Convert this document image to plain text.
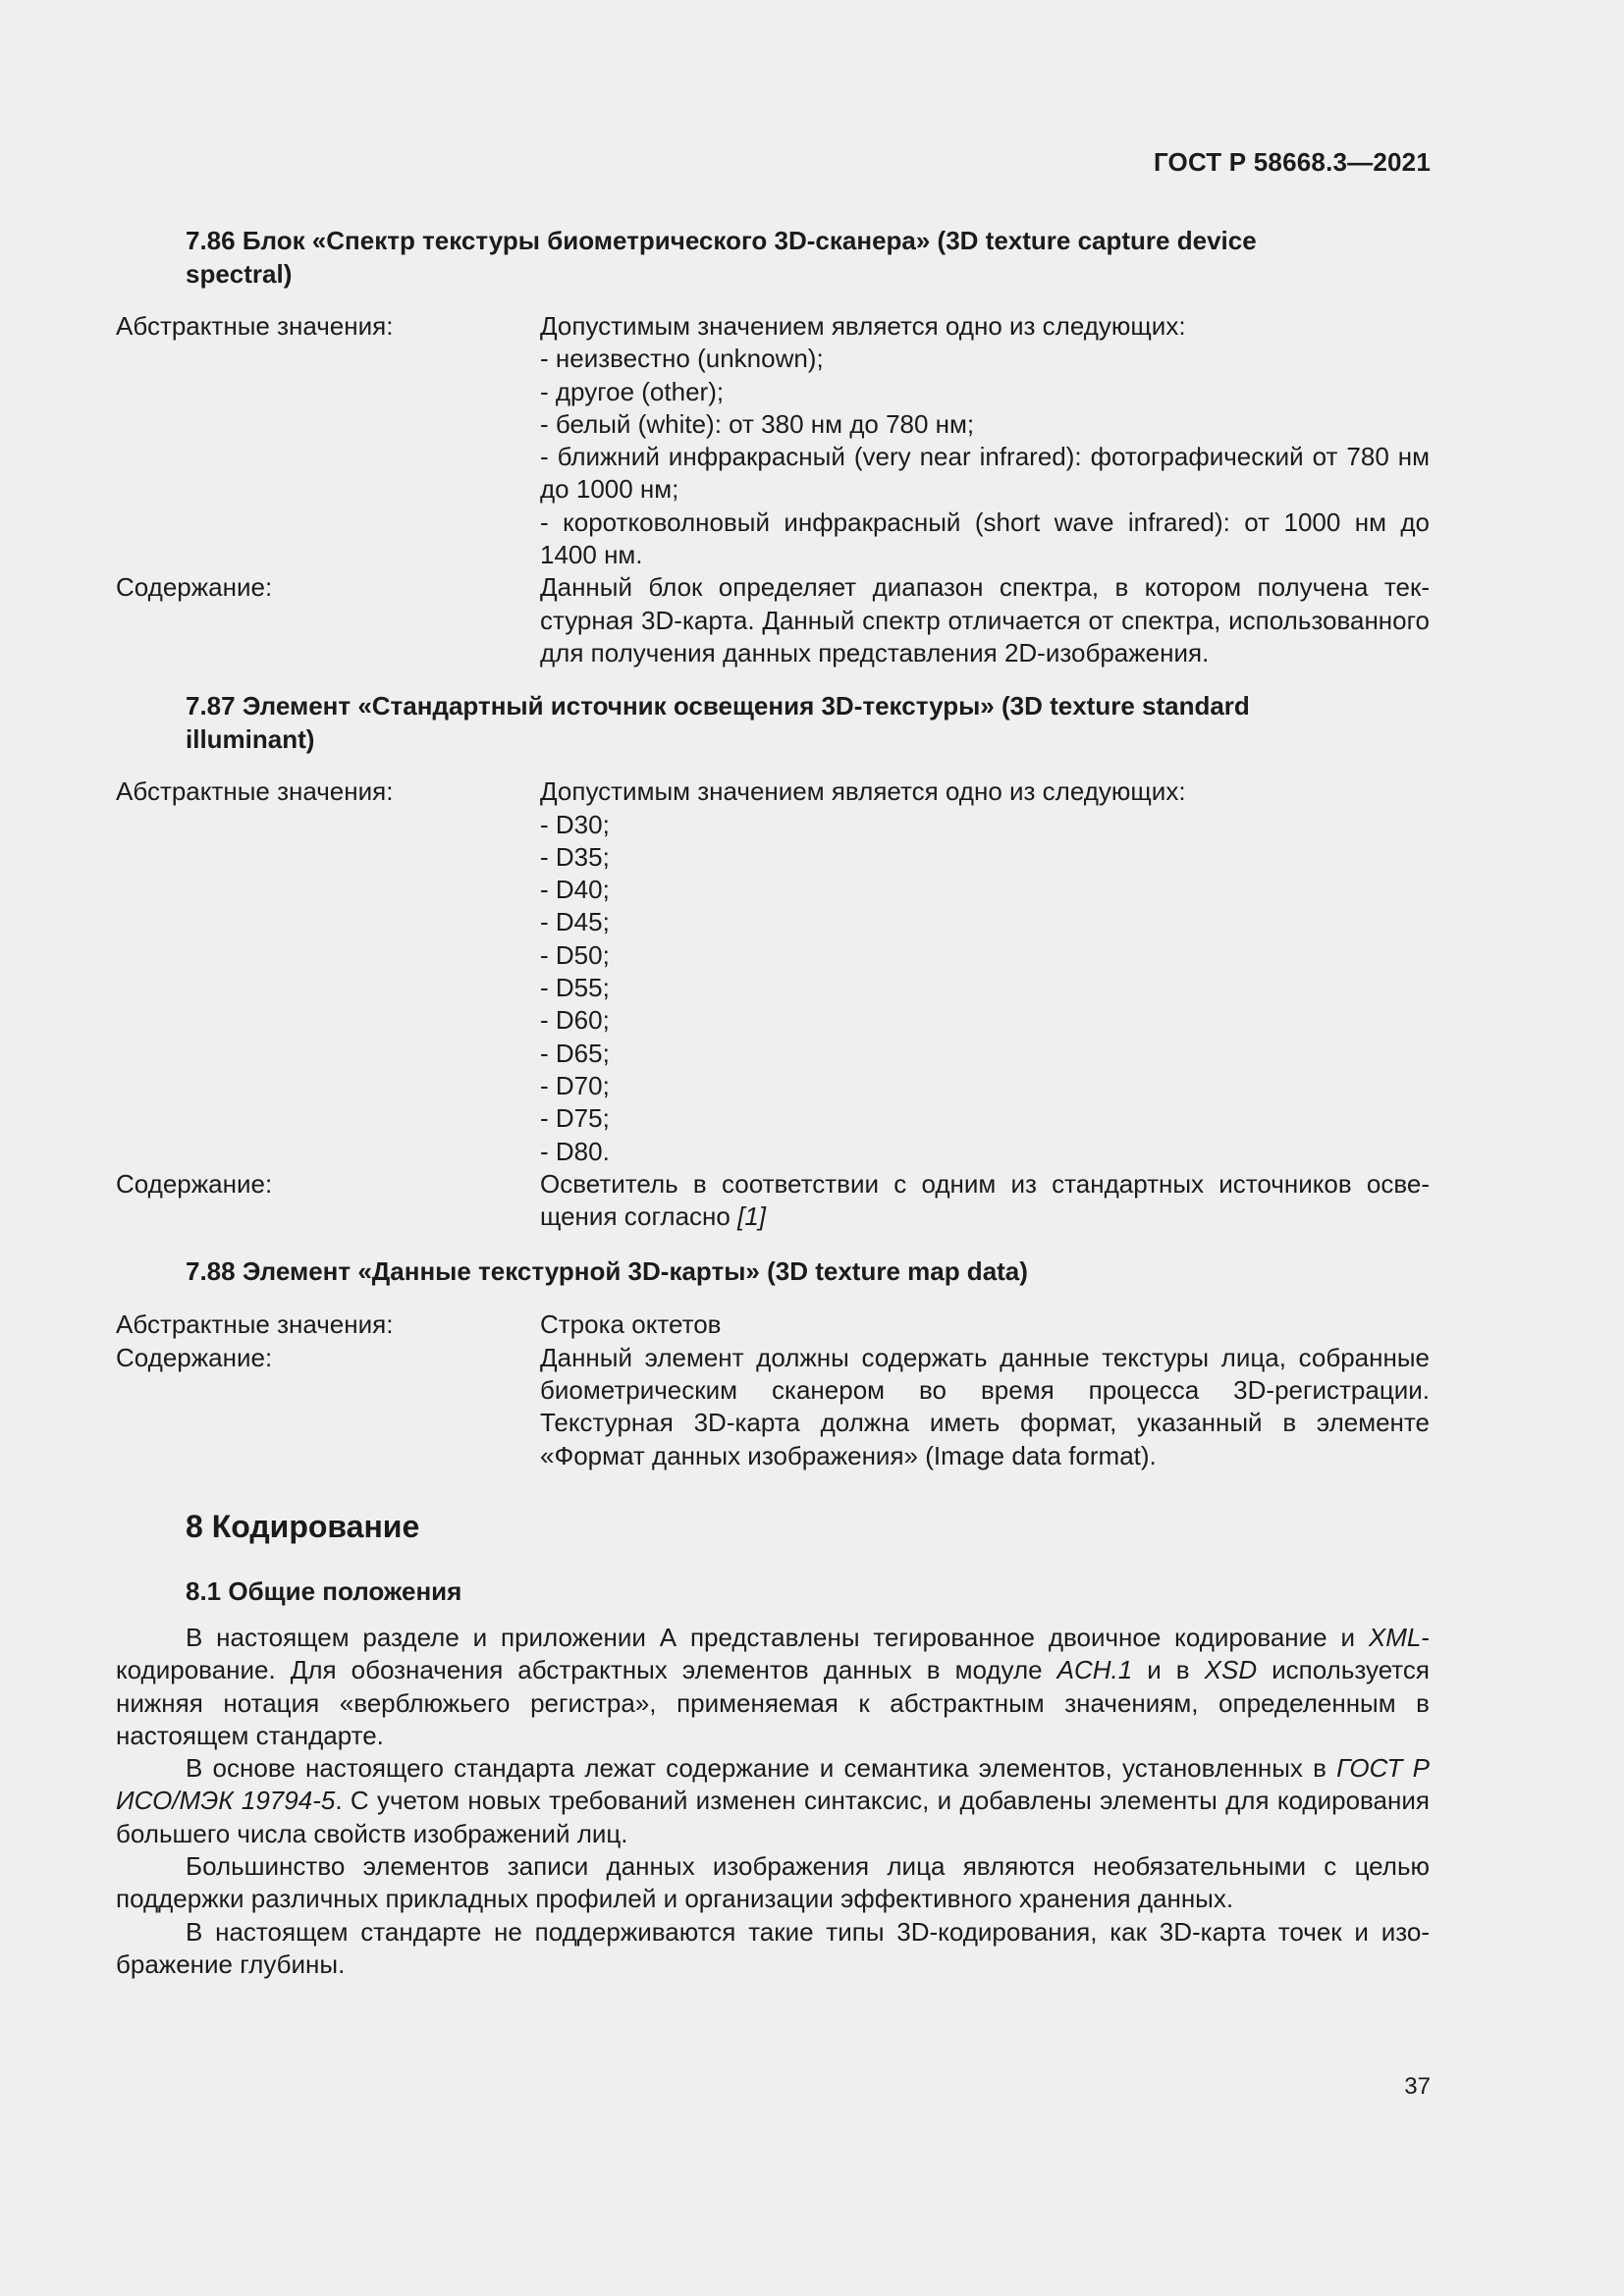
ГОСТ Р 58668.3—2021
7.86 Блок «Спектр текстуры биометрического 3D-сканера» (3D texture capture device spectral)
Абстрактные значения:	Допустимым значением является одно из следующих:
- неизвестно (unknown);
- другое (other);
- белый (white): от 380 нм до 780 нм;
- ближний инфракрасный (very near infrared): фотографический от 780 нм до 1000 нм;
- коротковолновый инфракрасный (short wave infrared): от 1000 нм до 1400 нм.
Содержание:	Данный блок определяет диапазон спектра, в котором получена текстурная 3D-карта. Данный спектр отличается от спектра, использованного для получения данных представления 2D-изображения.
7.87 Элемент «Стандартный источник освещения 3D-текстуры» (3D texture standard illuminant)
Абстрактные значения:	Допустимым значением является одно из следующих:
- D30;
- D35;
- D40;
- D45;
- D50;
- D55;
- D60;
- D65;
- D70;
- D75;
- D80.
Содержание:	Осветитель в соответствии с одним из стандартных источников освещения согласно [1]
7.88 Элемент «Данные текстурной 3D-карты» (3D texture map data)
Абстрактные значения:	Строка октетов
Содержание:	Данный элемент должны содержать данные текстуры лица, собранные биометрическим сканером во время процесса 3D-регистрации. Текстурная 3D-карта должна иметь формат, указанный в элементе «Формат данных изображения» (Image data format).
8 Кодирование
8.1 Общие положения
В настоящем разделе и приложении А представлены тегированное двоичное кодирование и XML-кодирование. Для обозначения абстрактных элементов данных в модуле ACH.1 и в XSD используется нижняя нотация «верблюжьего регистра», применяемая к абстрактным значениям, определенным в настоящем стандарте.
В основе настоящего стандарта лежат содержание и семантика элементов, установленных в ГОСТ Р ИСО/МЭК 19794-5. С учетом новых требований изменен синтаксис, и добавлены элементы для кодирования большего числа свойств изображений лиц.
Большинство элементов записи данных изображения лица являются необязательными с целью поддержки различных прикладных профилей и организации эффективного хранения данных.
В настоящем стандарте не поддерживаются такие типы 3D-кодирования, как 3D-карта точек и изображение глубины.
37
